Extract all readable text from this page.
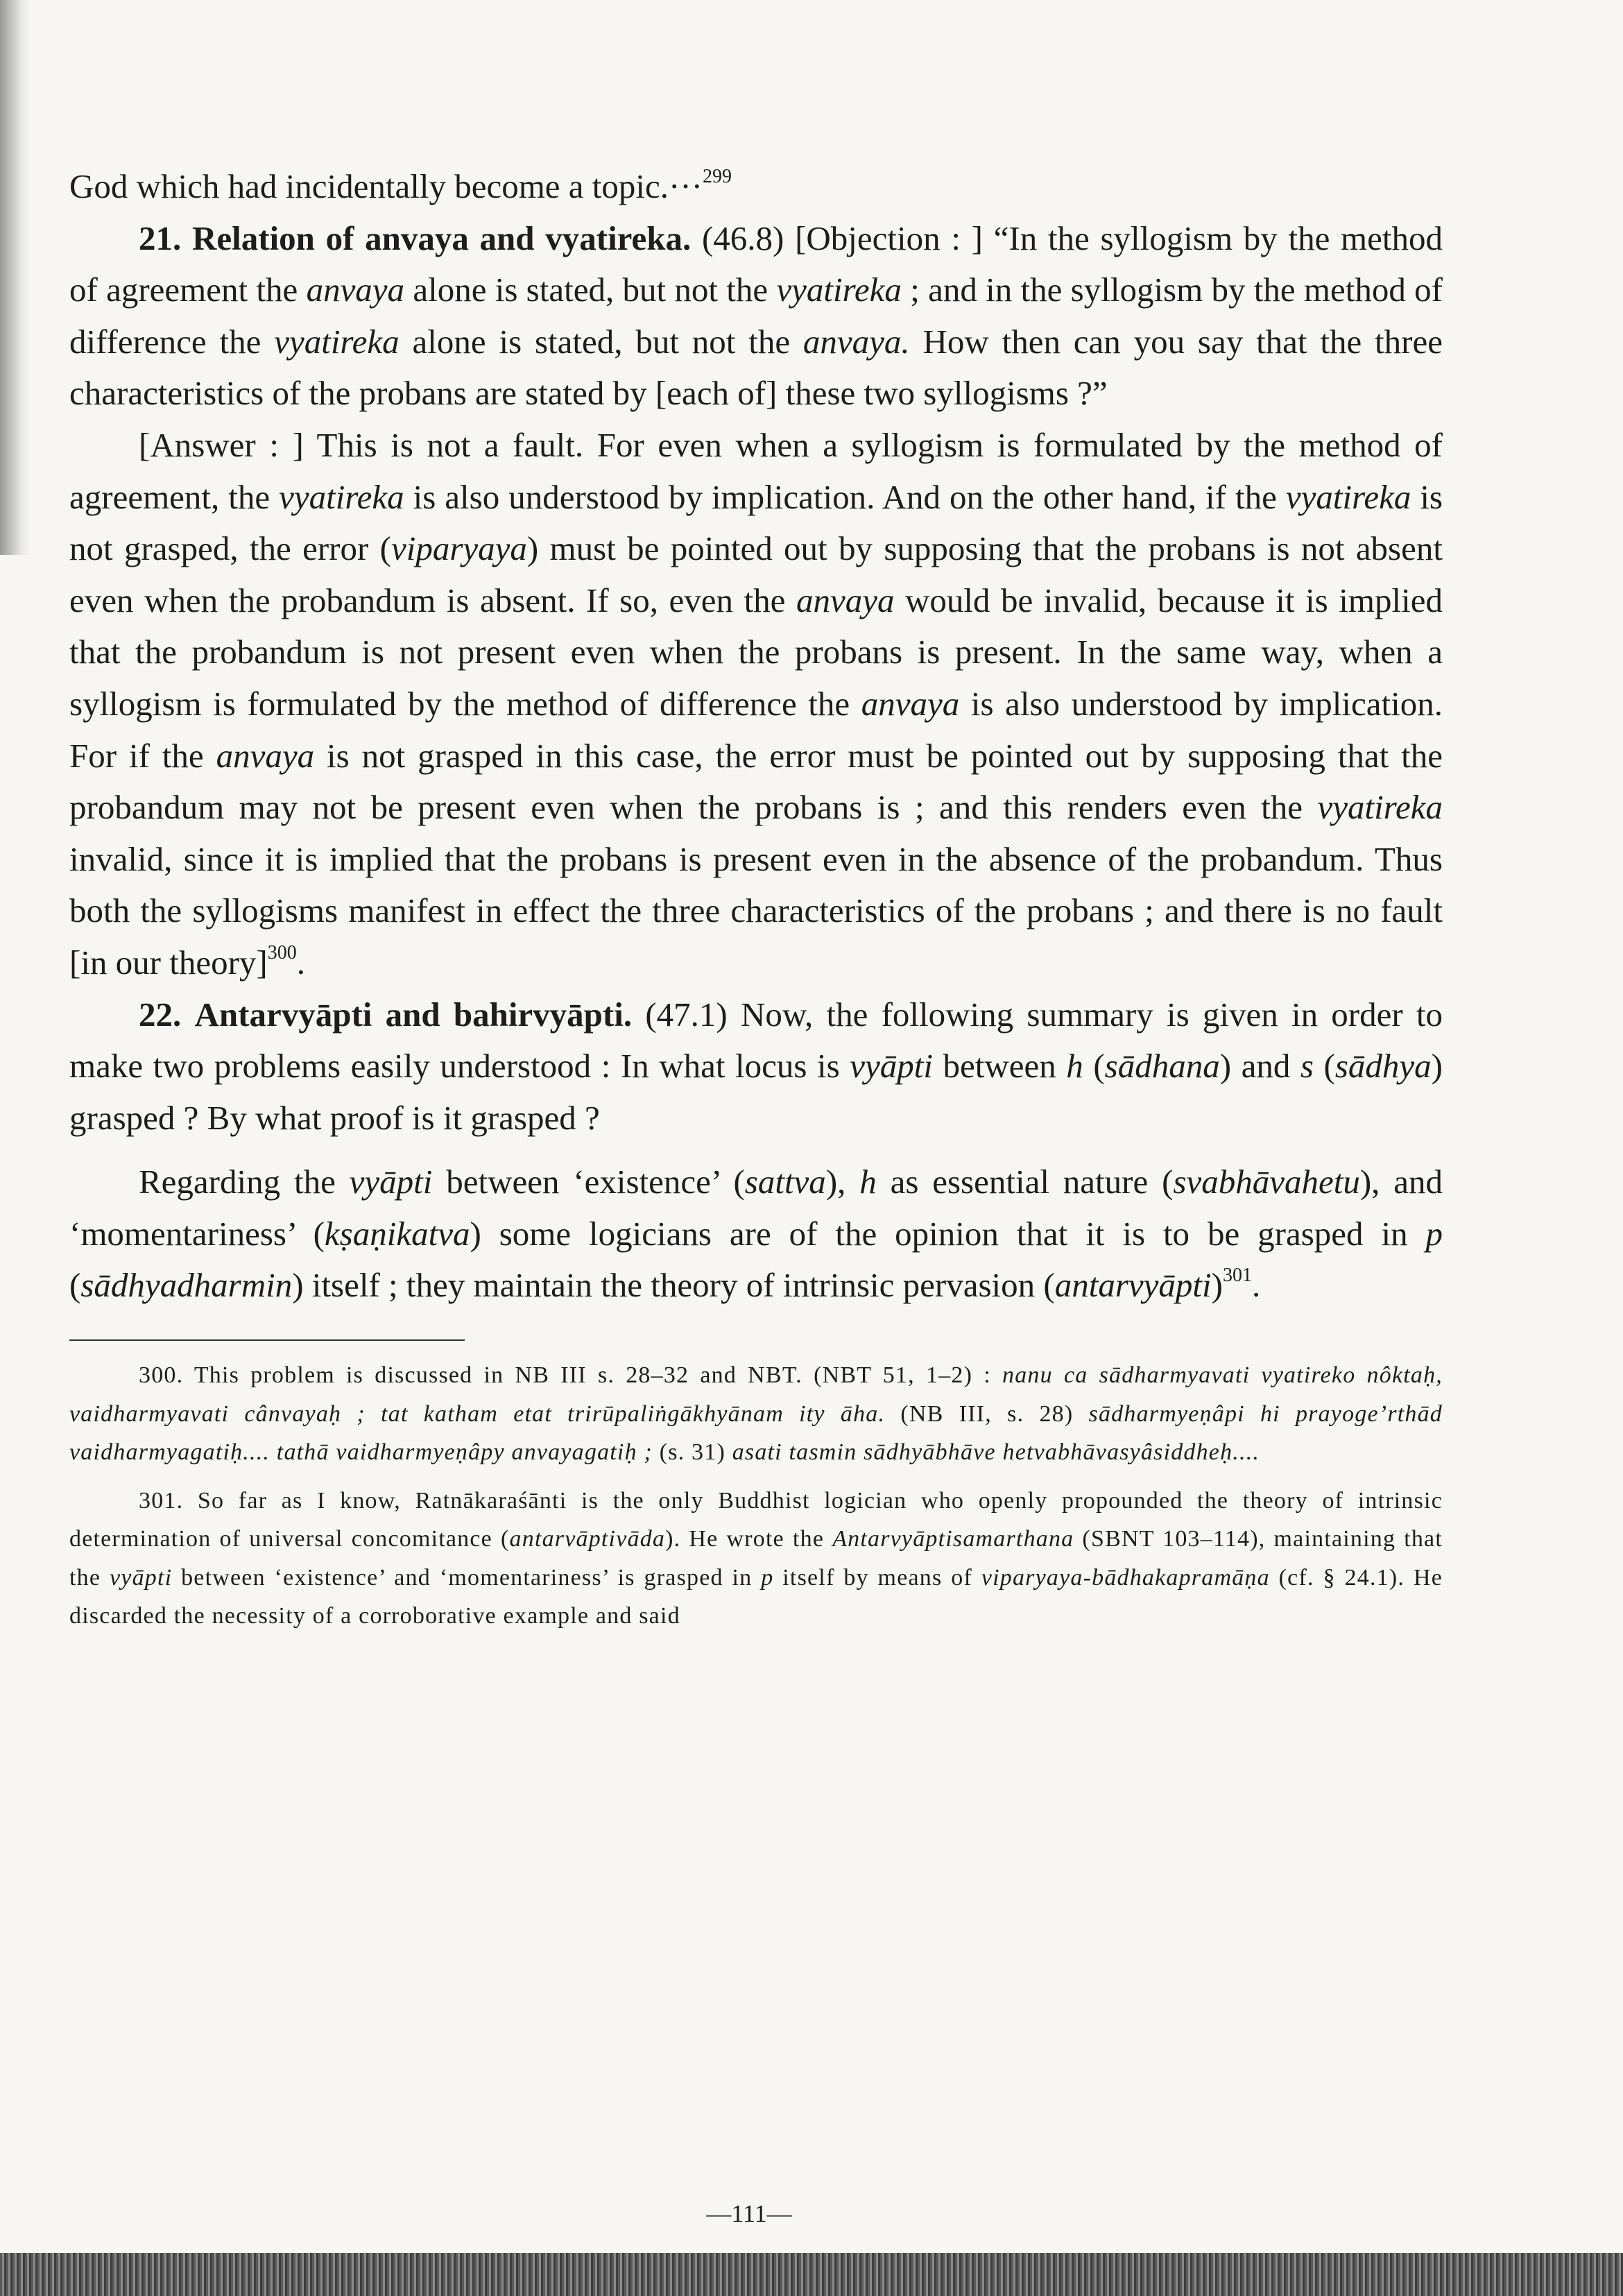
God which had incidentally become a topic.···$^{299}$

21. Relation of anvaya and vyatireka. (46.8) [Objection : ] “In the syllogism by the method of agreement the anvaya alone is stated, but not the vyatireka ; and in the syllogism by the method of difference the vyatireka alone is stated, but not the anvaya. How then can you say that the three characteristics of the probans are stated by [each of] these two syllogisms ?”

[Answer : ] This is not a fault. For even when a syllogism is formulated by the method of agreement, the vyatireka is also understood by implication. And on the other hand, if the vyatireka is not grasped, the error (viparyaya) must be pointed out by supposing that the probans is not absent even when the probandum is absent. If so, even the anvaya would be invalid, because it is implied that the probandum is not present even when the probans is present. In the same way, when a syllogism is formulated by the method of difference the anvaya is also understood by implication. For if the anvaya is not grasped in this case, the error must be pointed out by supposing that the probandum may not be present even when the probans is ; and this renders even the vyatireka invalid, since it is implied that the probans is present even in the absence of the probandum. Thus both the syllogisms manifest in effect the three characteristics of the probans ; and there is no fault [in our theory]$^{300}$.

22. Antarvyāpti and bahirvyāpti. (47.1) Now, the following summary is given in order to make two problems easily understood : In what locus is vyāpti between h (sādhana) and s (sādhya) grasped ? By what proof is it grasped ?

Regarding the vyāpti between ‘existence’ (sattva), h as essential nature (svabhāvahetu), and ‘momentariness’ (kṣaṇikatva) some logicians are of the opinion that it is to be grasped in p (sādhyadharmin) itself ; they maintain the theory of intrinsic pervasion (antarvyāpti)$^{301}$.

300. This problem is discussed in NB III s. 28–32 and NBT. (NBT 51, 1–2) : nanu ca sādharmyavati vyatireko nôktaḥ, vaidharmyavati cânvayaḥ ; tat katham etat trirūpaliṅgākhyānam ity āha. (NB III, s. 28) sādharmyeṇâpi hi prayoge’rthād vaidharmyagatiḥ.... tathā vaidharmyeṇâpy anvayagatiḥ ; (s. 31) asati tasmin sādhyābhāve hetvabhāvasyâsiddheḥ....

301. So far as I know, Ratnākaraśānti is the only Buddhist logician who openly propounded the theory of intrinsic determination of universal concomitance (antarvāptivāda). He wrote the Antarvyāptisamarthana (SBNT 103–114), maintaining that the vyāpti between ‘existence’ and ‘momentariness’ is grasped in p itself by means of viparyaya-bādhakapramāṇa (cf. § 24.1). He discarded the necessity of a corroborative example and said

—111—
